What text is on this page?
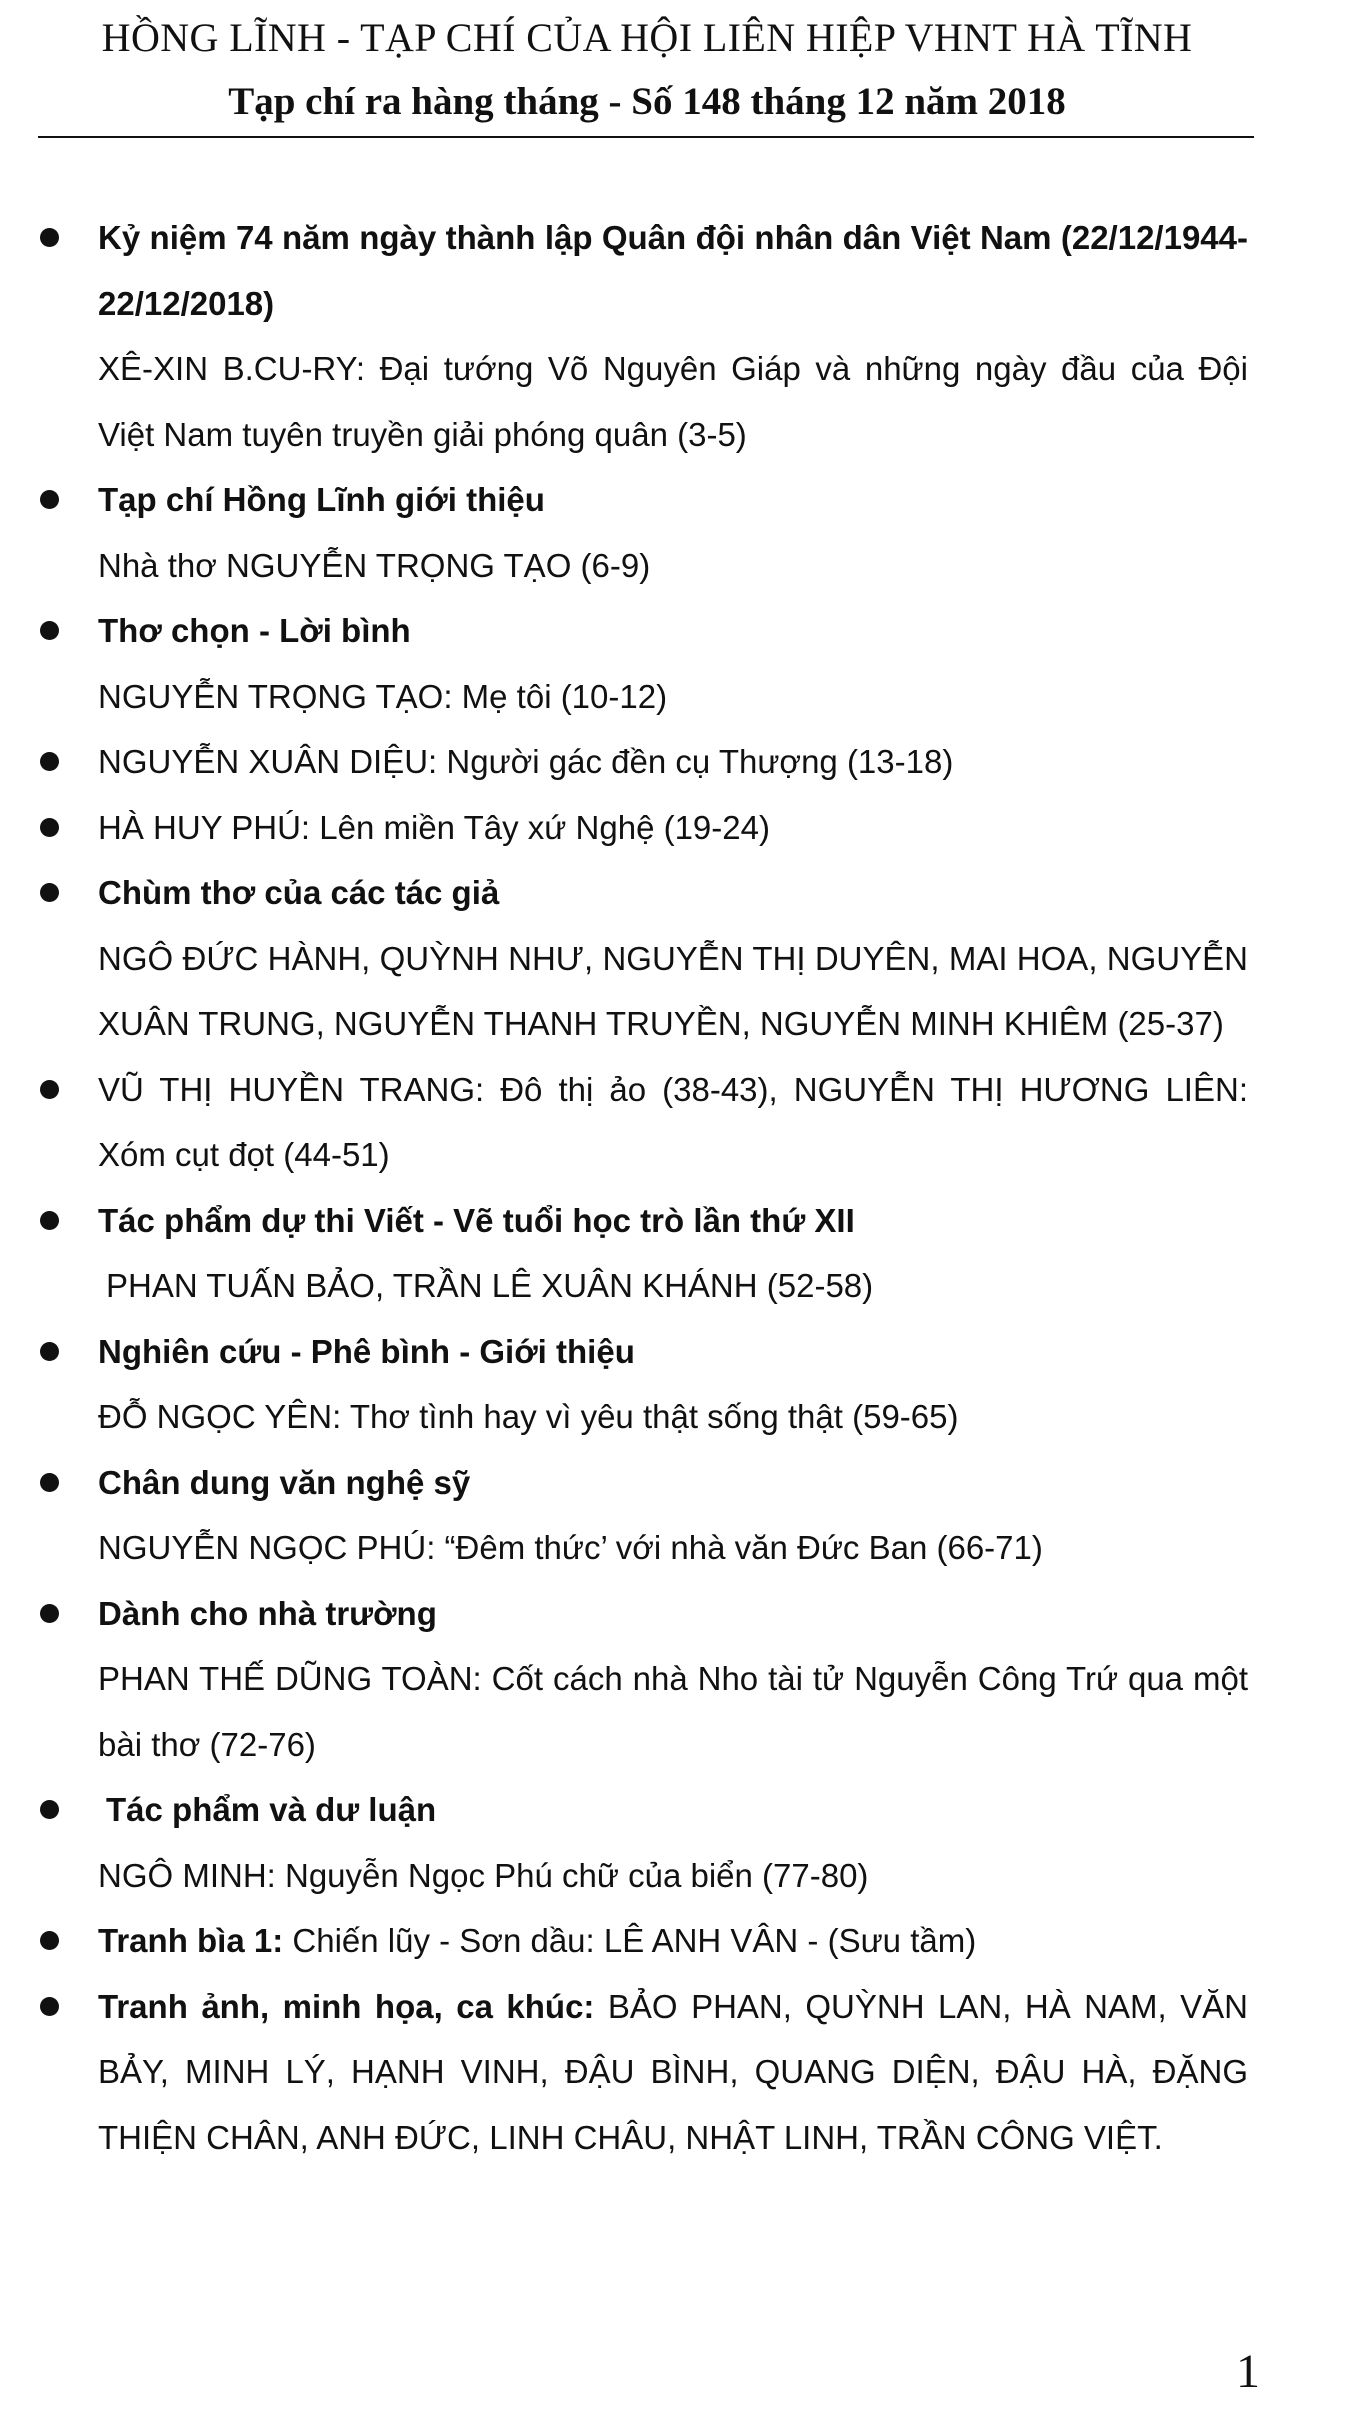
HỒNG LĨNH - TẠP CHÍ CỦA HỘI LIÊN HIỆP VHNT HÀ TĨNH
Tạp chí ra hàng tháng - Số 148 tháng 12 năm 2018
Kỷ niệm 74 năm ngày thành lập Quân đội nhân dân Việt Nam (22/12/1944-22/12/2018)
XÊ-XIN B.CU-RY: Đại tướng Võ Nguyên Giáp và những ngày đầu của Đội Việt Nam tuyên truyền giải phóng quân (3-5)
Tạp chí Hồng Lĩnh giới thiệu
Nhà thơ NGUYỄN TRỌNG TẠO (6-9)
Thơ chọn - Lời bình
NGUYỄN TRỌNG TẠO: Mẹ tôi (10-12)
NGUYỄN XUÂN DIỆU: Người gác đền cụ Thượng (13-18)
HÀ HUY PHÚ: Lên miền Tây xứ Nghệ (19-24)
Chùm thơ của các tác giả
NGÔ ĐỨC HÀNH, QUỲNH NHƯ, NGUYỄN THỊ DUYÊN, MAI HOA, NGUYỄN XUÂN TRUNG, NGUYỄN THANH TRUYỀN, NGUYỄN MINH KHIÊM (25-37)
VŨ THỊ HUYỀN TRANG: Đô thị ảo (38-43), NGUYỄN THỊ HƯƠNG LIÊN: Xóm cụt đọt (44-51)
Tác phẩm dự thi Viết - Vẽ tuổi học trò lần thứ XII
PHAN TUẤN BẢO, TRẦN LÊ XUÂN KHÁNH (52-58)
Nghiên cứu - Phê bình - Giới thiệu
ĐỖ NGỌC YÊN: Thơ tình hay vì yêu thật sống thật (59-65)
Chân dung văn nghệ sỹ
NGUYỄN NGỌC PHÚ: “Đêm thức’ với nhà văn Đức Ban (66-71)
Dành cho nhà trường
PHAN THẾ DŨNG TOÀN: Cốt cách nhà Nho tài tử Nguyễn Công Trứ qua một bài thơ (72-76)
Tác phẩm và dư luận
NGÔ MINH: Nguyễn Ngọc Phú chữ của biển (77-80)
Tranh bìa 1: Chiến lũy - Sơn dầu: LÊ ANH VÂN - (Sưu tầm)
Tranh ảnh, minh họa, ca khúc: BẢO PHAN, QUỲNH LAN, HÀ NAM, VĂN BẢY, MINH LÝ, HẠNH VINH, ĐẬU BÌNH, QUANG DIỆN, ĐẬU HÀ, ĐẶNG THIỆN CHÂN, ANH ĐỨC, LINH CHÂU, NHẬT LINH, TRẦN CÔNG VIỆT.
1
